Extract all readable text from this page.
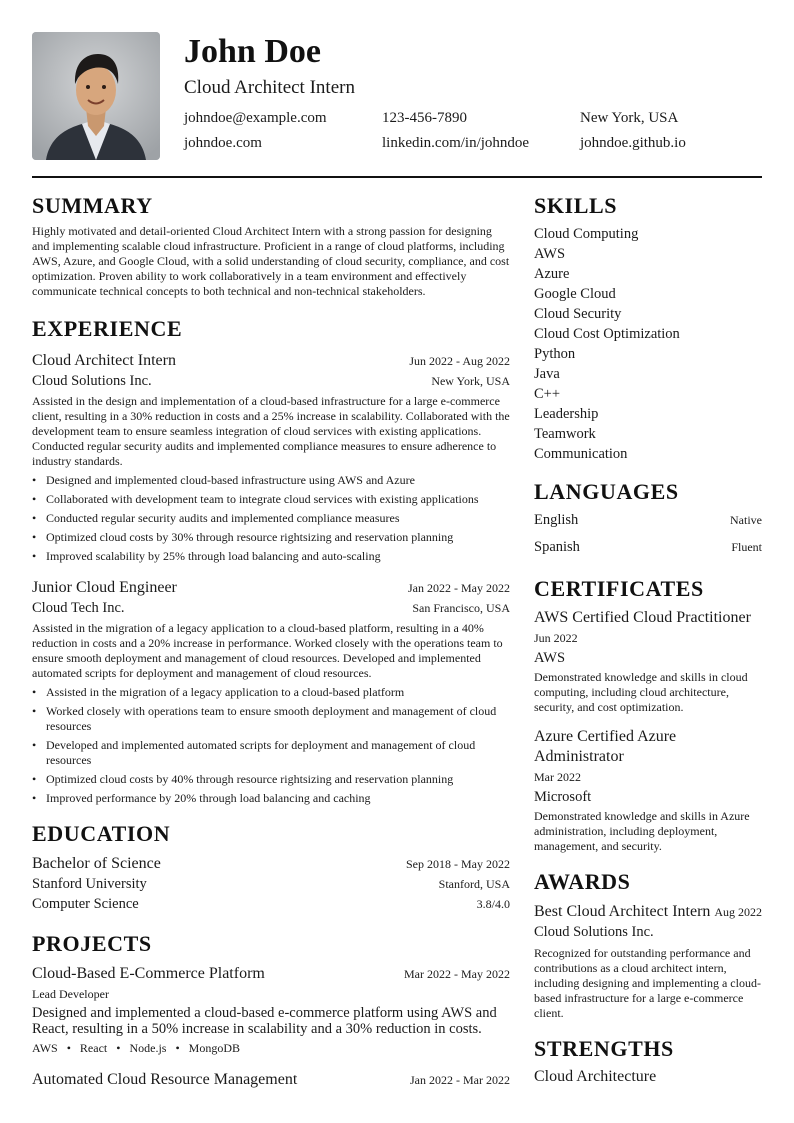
John Doe
Cloud Architect Intern
johndoe@example.com	123-456-7890	New York, USA
johndoe.com	linkedin.com/in/johndoe	johndoe.github.io
SUMMARY
Highly motivated and detail-oriented Cloud Architect Intern with a strong passion for designing and implementing scalable cloud infrastructure. Proficient in a range of cloud platforms, including AWS, Azure, and Google Cloud, with a solid understanding of cloud security, compliance, and cost optimization. Proven ability to work collaboratively in a team environment and effectively communicate technical concepts to both technical and non-technical stakeholders.
EXPERIENCE
Cloud Architect Intern	Jun 2022 - Aug 2022
Cloud Solutions Inc.	New York, USA
Assisted in the design and implementation of a cloud-based infrastructure for a large e-commerce client, resulting in a 30% reduction in costs and a 25% increase in scalability. Collaborated with the development team to ensure seamless integration of cloud services with existing applications. Conducted regular security audits and implemented compliance measures to ensure adherence to industry standards.
• Designed and implemented cloud-based infrastructure using AWS and Azure
• Collaborated with development team to integrate cloud services with existing applications
• Conducted regular security audits and implemented compliance measures
• Optimized cloud costs by 30% through resource rightsizing and reservation planning
• Improved scalability by 25% through load balancing and auto-scaling
Junior Cloud Engineer	Jan 2022 - May 2022
Cloud Tech Inc.	San Francisco, USA
Assisted in the migration of a legacy application to a cloud-based platform, resulting in a 40% reduction in costs and a 20% increase in performance. Worked closely with the operations team to ensure smooth deployment and management of cloud resources. Developed and implemented automated scripts for deployment and management of cloud resources.
• Assisted in the migration of a legacy application to a cloud-based platform
• Worked closely with operations team to ensure smooth deployment and management of cloud resources
• Developed and implemented automated scripts for deployment and management of cloud resources
• Optimized cloud costs by 40% through resource rightsizing and reservation planning
• Improved performance by 20% through load balancing and caching
EDUCATION
Bachelor of Science	Sep 2018 - May 2022
Stanford University	Stanford, USA
Computer Science	3.8/4.0
PROJECTS
Cloud-Based E-Commerce Platform	Mar 2022 - May 2022
Lead Developer
Designed and implemented a cloud-based e-commerce platform using AWS and React, resulting in a 50% increase in scalability and a 30% reduction in costs.
AWS • React • Node.js • MongoDB
Automated Cloud Resource Management	Jan 2022 - Mar 2022
SKILLS
Cloud Computing
AWS
Azure
Google Cloud
Cloud Security
Cloud Cost Optimization
Python
Java
C++
Leadership
Teamwork
Communication
LANGUAGES
English	Native
Spanish	Fluent
CERTIFICATES
AWS Certified Cloud Practitioner
Jun 2022
AWS
Demonstrated knowledge and skills in cloud computing, including cloud architecture, security, and cost optimization.
Azure Certified Azure Administrator
Mar 2022
Microsoft
Demonstrated knowledge and skills in Azure administration, including deployment, management, and security.
AWARDS
Best Cloud Architect Intern Aug 2022
Cloud Solutions Inc.
Recognized for outstanding performance and contributions as a cloud architect intern, including designing and implementing a cloud-based infrastructure for a large e-commerce client.
STRENGTHS
Cloud Architecture
